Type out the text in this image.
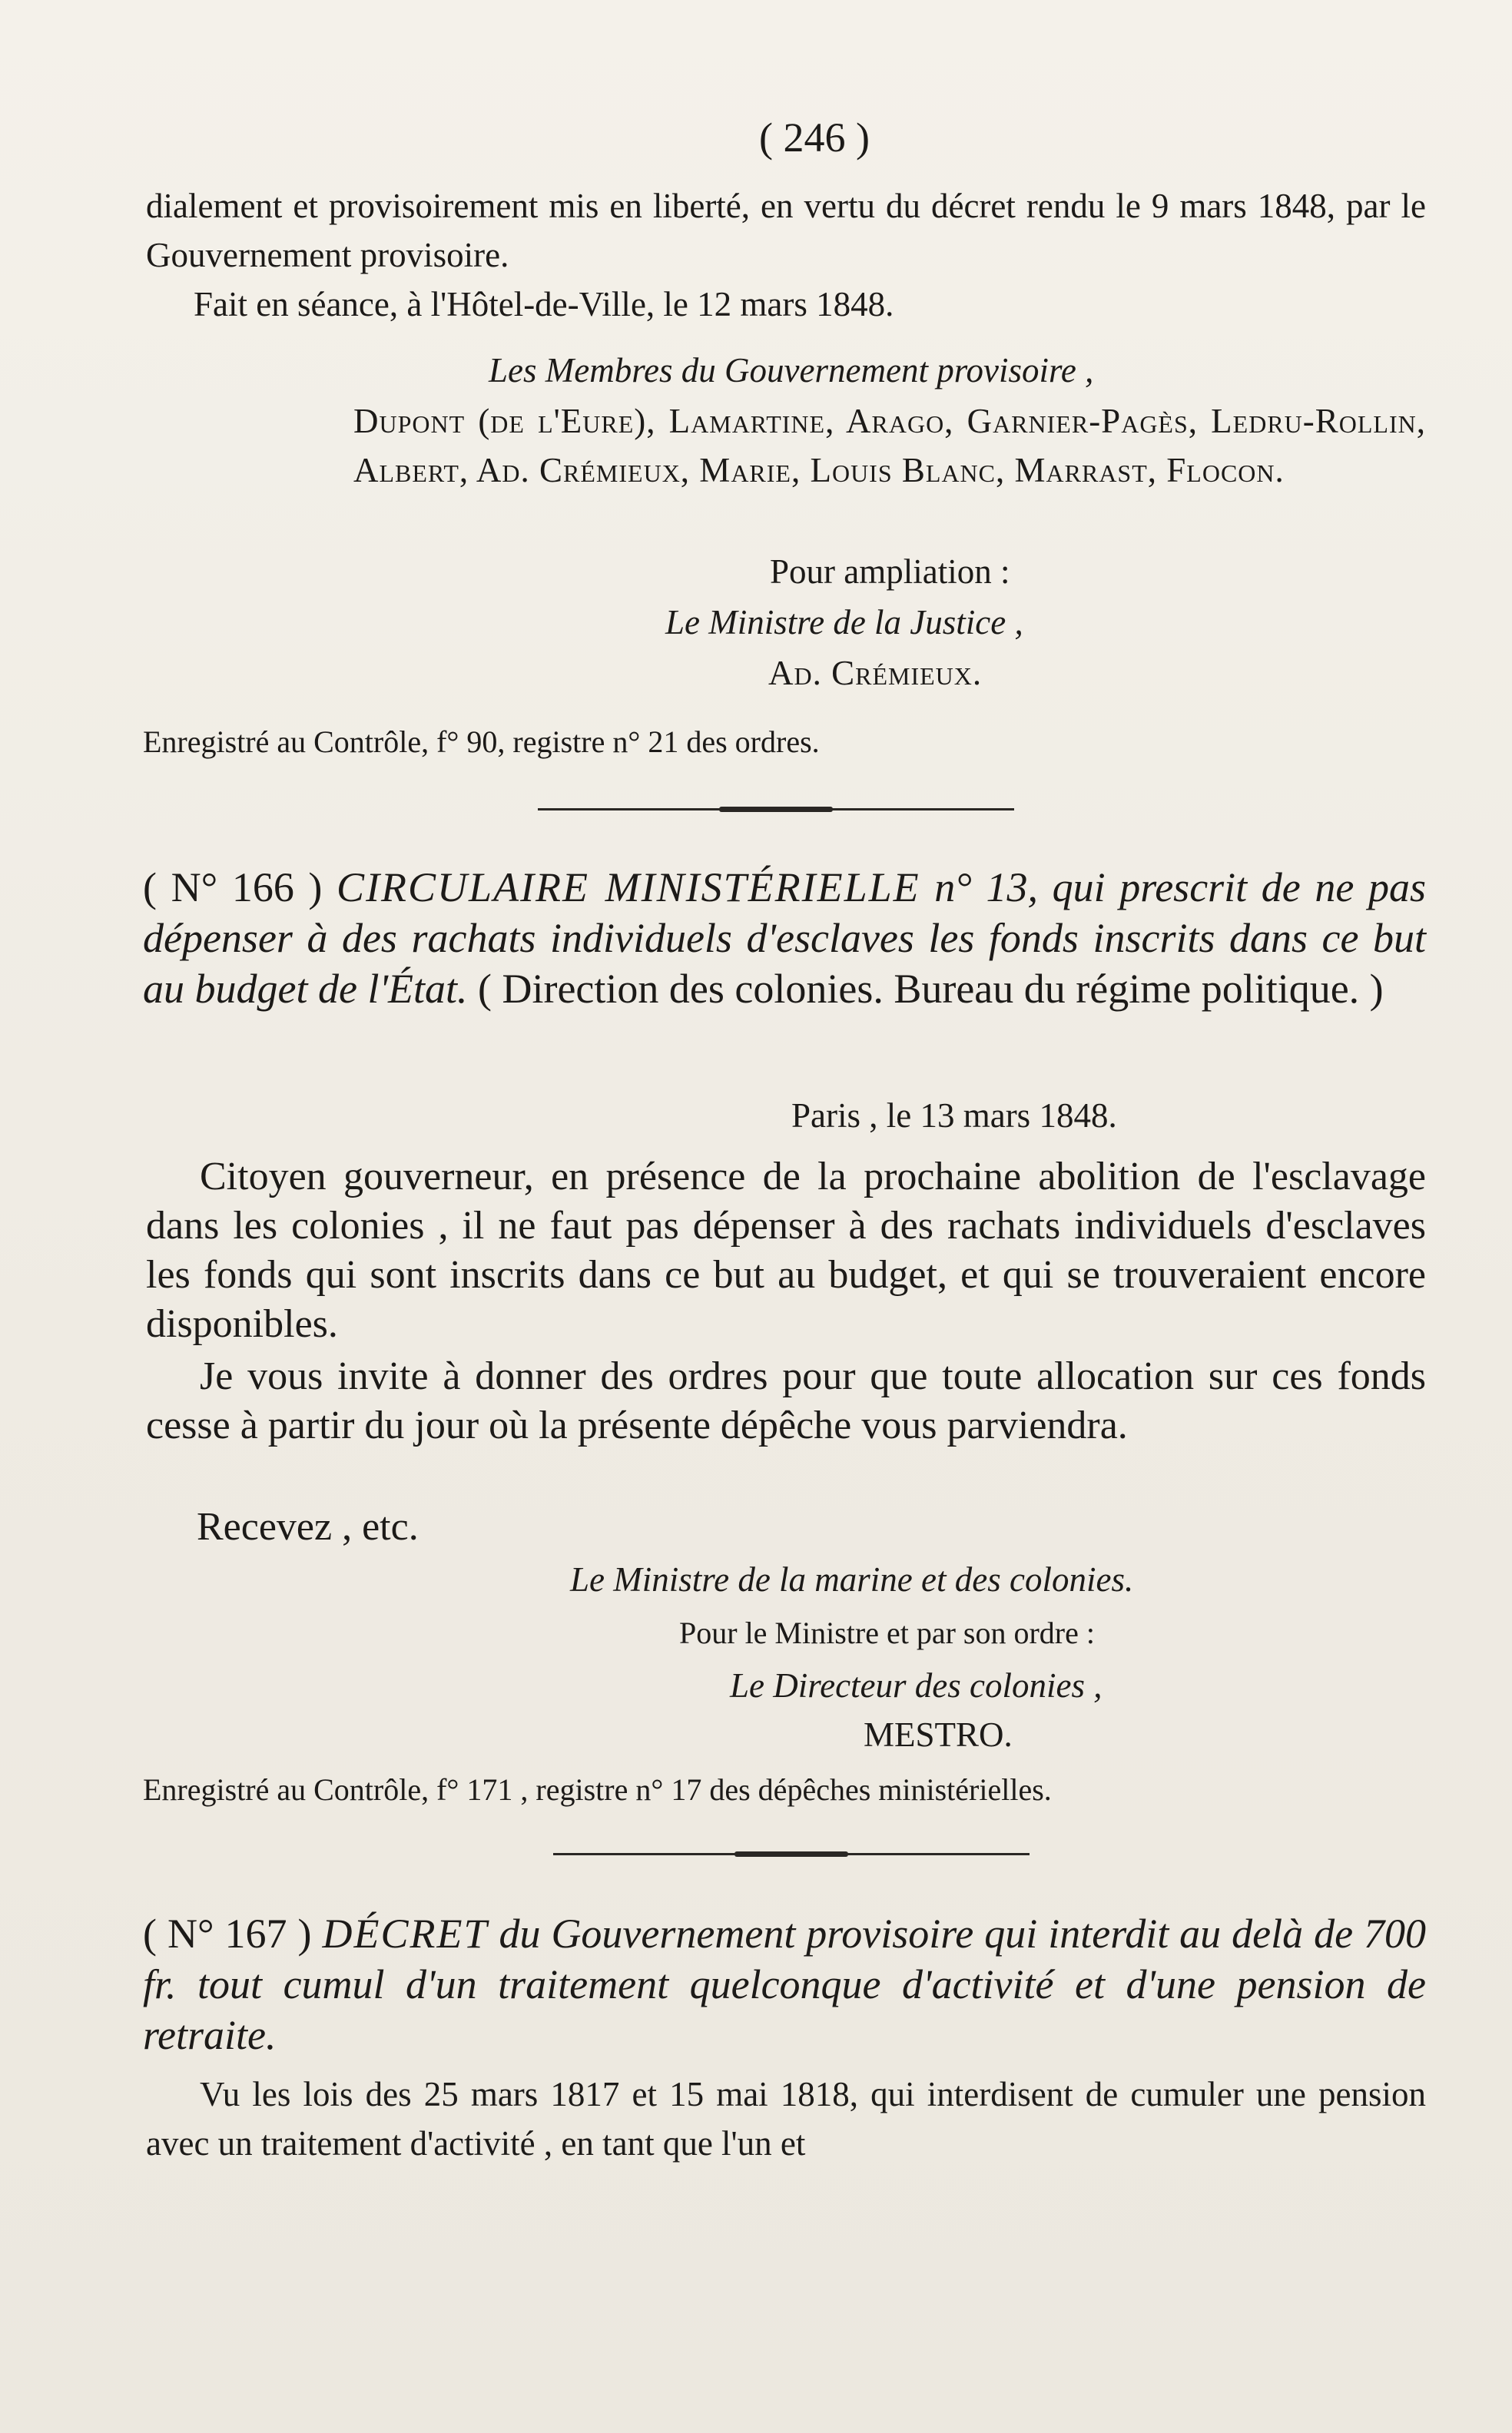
( 246 )

dialement et provisoirement mis en liberté, en vertu du décret rendu le 9 mars 1848, par le Gouvernement provisoire.

Fait en séance, à l'Hôtel-de-Ville, le 12 mars 1848.

Les Membres du Gouvernement provisoire ,

Dupont (de l'Eure), Lamartine, Arago, Garnier-Pagès, Ledru-Rollin, Albert, Ad. Crémieux, Marie, Louis Blanc, Marrast, Flocon.

Pour ampliation :

Le Ministre de la Justice ,

Ad. Crémieux.

Enregistré au Contrôle, f° 90, registre n° 21 des ordres.

( N° 166 ) CIRCULAIRE MINISTÉRIELLE n° 13, qui prescrit de ne pas dépenser à des rachats individuels d'esclaves les fonds inscrits dans ce but au budget de l'État. ( Direction des colonies. Bureau du régime politique. )

Paris , le 13 mars 1848.

Citoyen gouverneur, en présence de la prochaine abolition de l'esclavage dans les colonies , il ne faut pas dépenser à des rachats individuels d'esclaves les fonds qui sont inscrits dans ce but au budget, et qui se trouveraient encore disponibles.

Je vous invite à donner des ordres pour que toute allocation sur ces fonds cesse à partir du jour où la présente dépêche vous parviendra.

Recevez , etc.

Le Ministre de la marine et des colonies.

Pour le Ministre et par son ordre :

Le Directeur des colonies ,

MESTRO.

Enregistré au Contrôle, f° 171 , registre n° 17 des dépêches ministérielles.

( N° 167 ) DÉCRET du Gouvernement provisoire qui interdit au delà de 700 fr. tout cumul d'un traitement quelconque d'activité et d'une pension de retraite.

Vu les lois des 25 mars 1817 et 15 mai 1818, qui interdisent de cumuler une pension avec un traitement d'activité , en tant que l'un et
